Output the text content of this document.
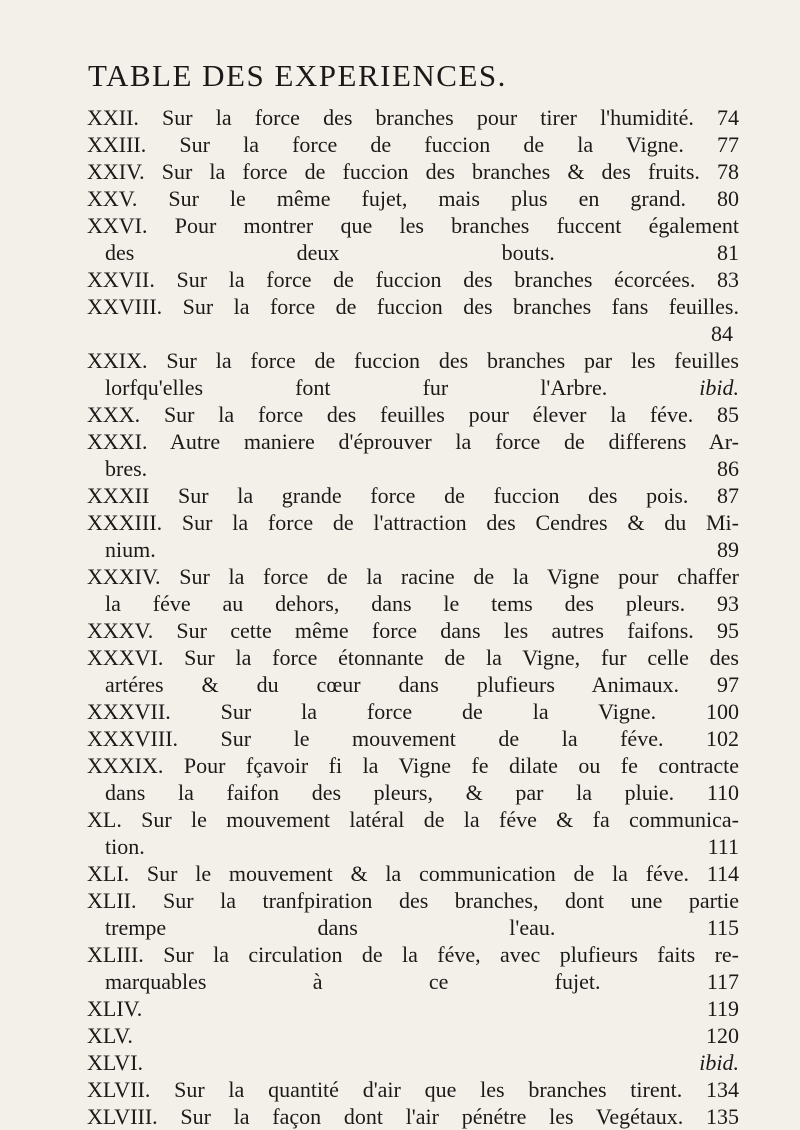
TABLE DES EXPERIENCES.
XXII. Sur la force des branches pour tirer l'humidité. 74
XXIII. Sur la force de fuccion de la Vigne. 77
XXIV. Sur la force de fuccion des branches & des fruits. 78
XXV. Sur le même fujet, mais plus en grand. 80
XXVI. Pour montrer que les branches fuccent également
des deux bouts.	81
XXVII. Sur la force de fuccion des branches écorcées. 83
XXVIII. Sur la force de fuccion des branches fans feuilles.
84
XXIX. Sur la force de fuccion des branches par les feuilles
lorfqu'elles font fur l'Arbre.	ibid.
XXX. Sur la force des feuilles pour élever la féve. 85
XXXI. Autre maniere d'éprouver la force de differens Ar-
bres.	86
XXXII Sur la grande force de fuccion des pois. 87
XXXIII. Sur la force de l'attraction des Cendres & du Mi-
nium.	89
XXXIV. Sur la force de la racine de la Vigne pour chaffer
la féve au dehors, dans le tems des pleurs. 93
XXXV. Sur cette même force dans les autres faifons. 95
XXXVI. Sur la force étonnante de la Vigne, fur celle des
artéres & du cœur dans plufieurs Animaux. 97
XXXVII. Sur la force de la Vigne. 100
XXXVIII. Sur le mouvement de la féve. 102
XXXIX. Pour fçavoir fi la Vigne fe dilate ou fe contracte
dans la faifon des pleurs, & par la pluie. 110
XL. Sur le mouvement latéral de la féve & fa communica-
tion.	111
XLI. Sur le mouvement & la communication de la féve. 114
XLII. Sur la tranfpiration des branches, dont une partie
trempe dans l'eau.	115
XLIII. Sur la circulation de la féve, avec plufieurs faits re-
marquables à ce fujet.	117
XLIV.	119
XLV.	120
XLVI.	ibid.
XLVII. Sur la quantité d'air que les branches tirent. 134
XLVIII. Sur la façon dont l'air pénétre les Vegétaux. 135
